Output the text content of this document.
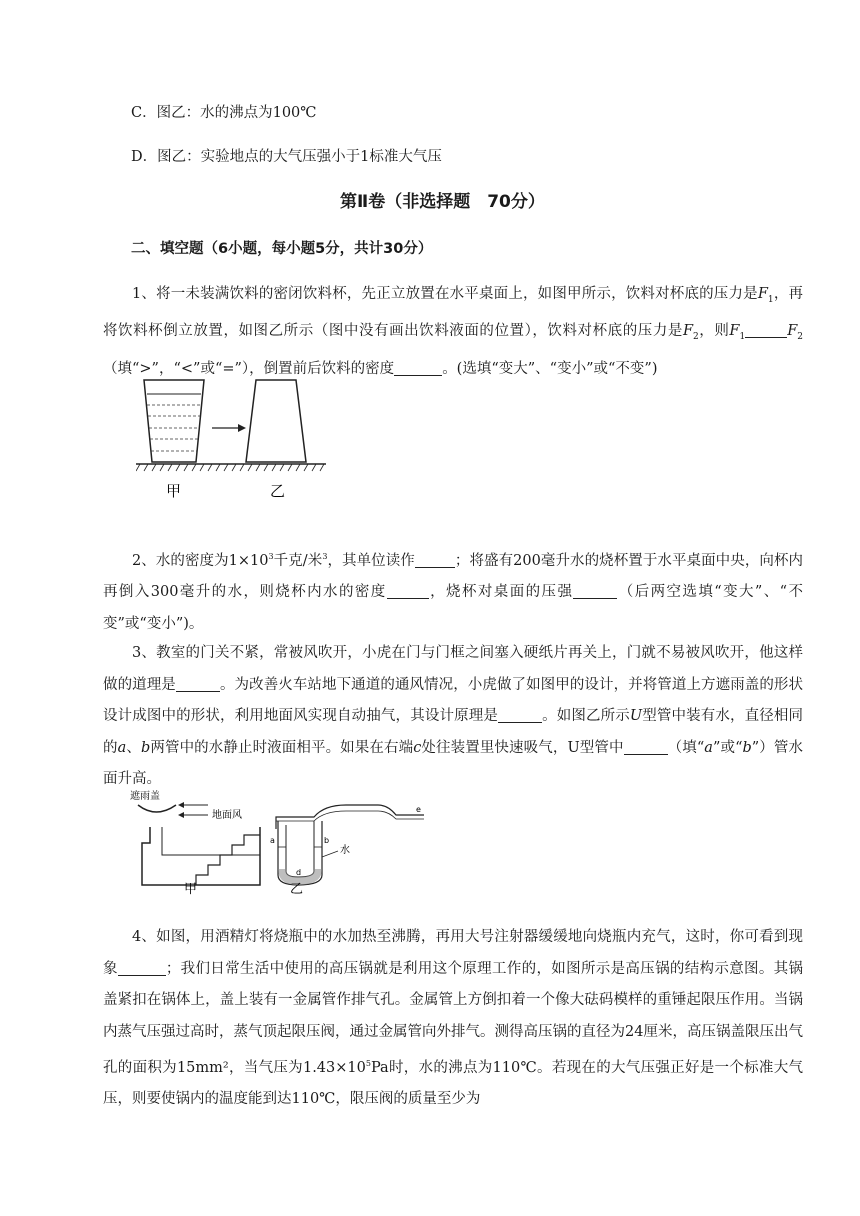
C．图乙：水的沸点为100℃
D．图乙：实验地点的大气压强小于1标准大气压
第Ⅱ卷（非选择题　70分）
二、填空题（6小题，每小题5分，共计30分）
1、将一未装满饮料的密闭饮料杯，先正立放置在水平桌面上，如图甲所示，饮料对杯底的压力是$F_1$，再将饮料杯倒立放置，如图乙所示（图中没有画出饮料液面的位置），饮料对杯底的压力是$F_2$，则$F_1$	$F_2$（填“>”，“<”或“=”），倒置前后饮料的密度	。(选填“变大”、“变小”或“不变”)
甲	乙
2、水的密度为$1\times 10^3$千克/米$^3$，其单位读作	；将盛有200毫升水的烧杯置于水平桌面中央，向杯内再倒入300毫升的水，则烧杯内水的密度	，烧杯对桌面的压强	（后两空选填“变大”、“不变”或“变小”)。
3、教室的门关不紧，常被风吹开，小虎在门与门框之间塞入硬纸片再关上，门就不易被风吹开，他这样做的道理是	。为改善火车站地下通道的通风情况，小虎做了如图甲的设计，并将管道上方遮雨盖的形状设计成图中的形状，利用地面风实现自动抽气，其设计原理是	。如图乙所示U型管中装有水，直径相同的a、b两管中的水静止时液面相平。如果在右端c处往装置里快速吸气，U型管中	（填“a”或“b”）管水面升高。
遮雨盖
地面风
甲
e
a	b
水
d
乙
4、如图，用酒精灯将烧瓶中的水加热至沸腾，再用大号注射器缓缓地向烧瓶内充气，这时，你可看到现象	；我们日常生活中使用的高压锅就是利用这个原理工作的，如图所示是高压锅的结构示意图。其锅盖紧扣在锅体上，盖上装有一金属管作排气孔。金属管上方倒扣着一个像大砝码模样的重锤起限压作用。当锅内蒸气压强过高时，蒸气顶起限压阀，通过金属管向外排气。测得高压锅的直径为24厘米，高压锅盖限压出气孔的面积为15mm²，当气压为$1.43\times 10^5Pa$时，水的沸点为110℃。若现在的大气压强正好是一个标准大气压，则要使锅内的温度能到达110℃，限压阀的质量至少为
